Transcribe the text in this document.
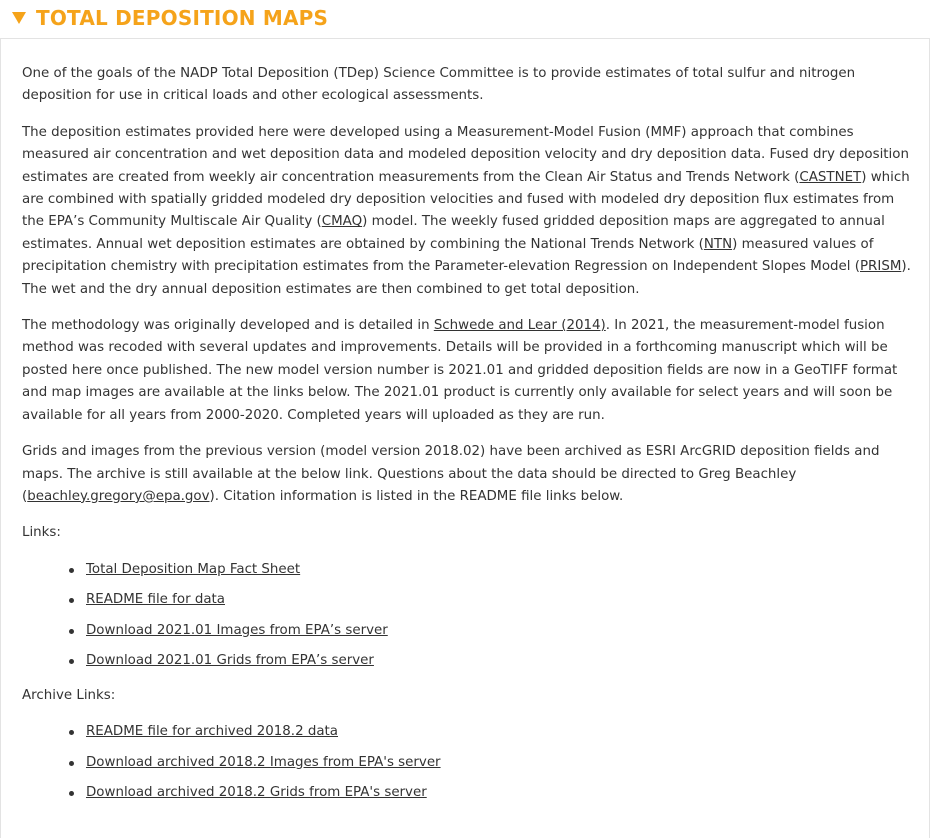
TOTAL DEPOSITION MAPS

One of the goals of the NADP Total Deposition (TDep) Science Committee is to provide estimates of total sulfur and nitrogen deposition for use in critical loads and other ecological assessments.

The deposition estimates provided here were developed using a Measurement-Model Fusion (MMF) approach that combines measured air concentration and wet deposition data and modeled deposition velocity and dry deposition data. Fused dry deposition estimates are created from weekly air concentration measurements from the Clean Air Status and Trends Network (CASTNET) which are combined with spatially gridded modeled dry deposition velocities and fused with modeled dry deposition flux estimates from the EPA’s Community Multiscale Air Quality (CMAQ) model. The weekly fused gridded deposition maps are aggregated to annual estimates. Annual wet deposition estimates are obtained by combining the National Trends Network (NTN) measured values of precipitation chemistry with precipitation estimates from the Parameter-elevation Regression on Independent Slopes Model (PRISM). The wet and the dry annual deposition estimates are then combined to get total deposition.

The methodology was originally developed and is detailed in Schwede and Lear (2014). In 2021, the measurement-model fusion method was recoded with several updates and improvements. Details will be provided in a forthcoming manuscript which will be posted here once published. The new model version number is 2021.01 and gridded deposition fields are now in a GeoTIFF format and map images are available at the links below. The 2021.01 product is currently only available for select years and will soon be available for all years from 2000-2020. Completed years will uploaded as they are run.

Grids and images from the previous version (model version 2018.02) have been archived as ESRI ArcGRID deposition fields and maps. The archive is still available at the below link. Questions about the data should be directed to Greg Beachley (beachley.gregory@epa.gov). Citation information is listed in the README file links below.

Links:
Total Deposition Map Fact Sheet
README file for data
Download 2021.01 Images from EPA’s server
Download 2021.01 Grids from EPA’s server
Archive Links:
README file for archived 2018.2 data
Download archived 2018.2 Images from EPA's server
Download archived 2018.2 Grids from EPA's server
